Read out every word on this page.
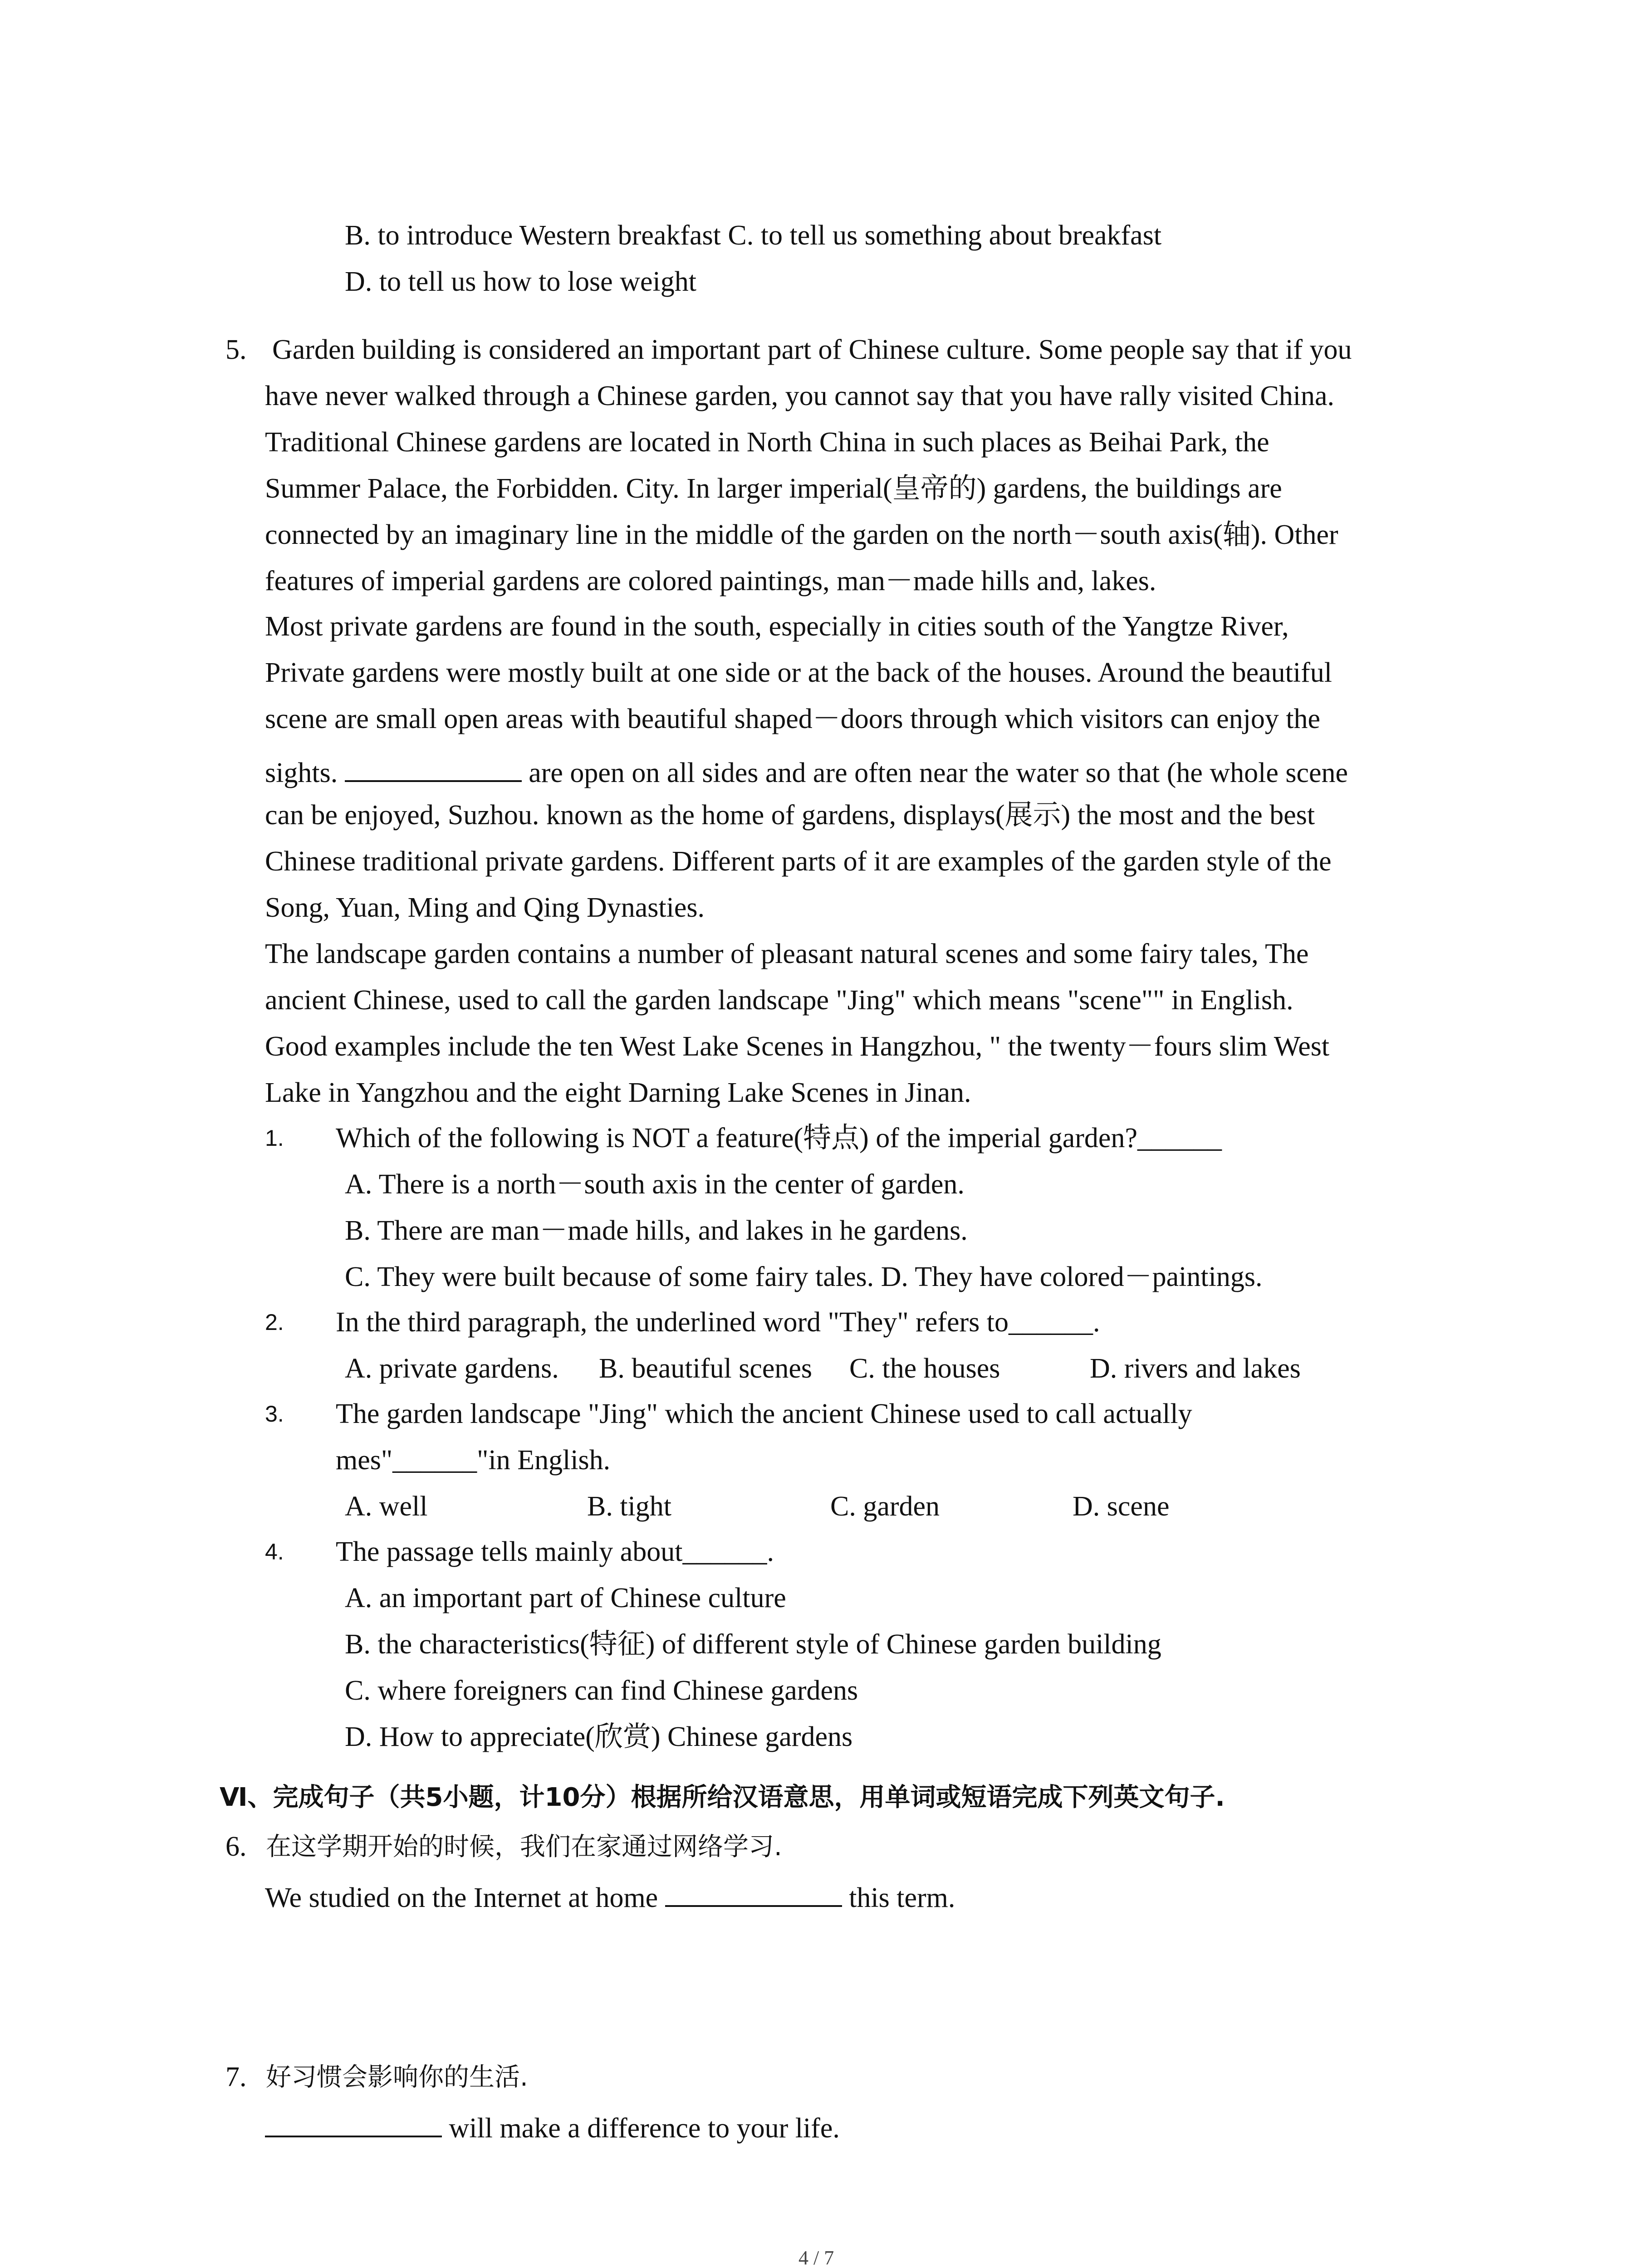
B. to introduce Western breakfast C. to tell us something about breakfast
D. to tell us how to lose weight
5. Garden building is considered an important part of Chinese culture. Some people say that if you
have never walked through a Chinese garden, you cannot say that you have rally visited China.
Traditional Chinese gardens are located in North China in such places as Beihai Park, the
Summer Palace, the Forbidden. City. In larger imperial(皇帝的) gardens, the buildings are
connected by an imaginary line in the middle of the garden on the north－south axis(轴). Other
features of imperial gardens are colored paintings, man－made hills and, lakes.
Most private gardens are found in the south, especially in cities south of the Yangtze River,
Private gardens were mostly built at one side or at the back of the houses. Around the beautiful
scene are small open areas with beautiful shaped－doors through which visitors can enjoy the
sights.	are open on all sides and are often near the water so that (he whole scene
can be enjoyed, Suzhou. known as the home of gardens, displays(展示) the most and the best
Chinese traditional private gardens. Different parts of it are examples of the garden style of the
Song, Yuan, Ming and Qing Dynasties.
The landscape garden contains a number of pleasant natural scenes and some fairy tales, The
ancient Chinese, used to call the garden landscape "Jing" which means "scene"" in English.
Good examples include the ten West Lake Scenes in Hangzhou, " the twenty－fours slim West
Lake in Yangzhou and the eight Darning Lake Scenes in Jinan.
1. Which of the following is NOT a feature(特点) of the imperial garden?______
A. There is a north－south axis in the center of garden.
B. There are man－made hills, and lakes in he gardens.
C. They were built because of some fairy tales. D. They have colored－paintings.
2. In the third paragraph, the underlined word "They" refers to______.
A. private gardens. B. beautiful scenes C. the houses	D. rivers and lakes
3. The garden landscape "Jing" which the ancient Chinese used to call actually
mes"______"in English.
A. well	B. tight	C. garden	D. scene
4. The passage tells mainly about______.
A. an important part of Chinese culture
B. the characteristics(特征) of different style of Chinese garden building
C. where foreigners can find Chinese gardens
D. How to appreciate(欣赏) Chinese gardens
Ⅵ、完成句子（共5小题，计10分）根据所给汉语意思，用单词或短语完成下列英文句子.
6. 在这学期开始的时候，我们在家通过网络学习.
We studied on the Internet at home	this term.
7. 好习惯会影响你的生活.
will make a difference to your life.
4 / 7
